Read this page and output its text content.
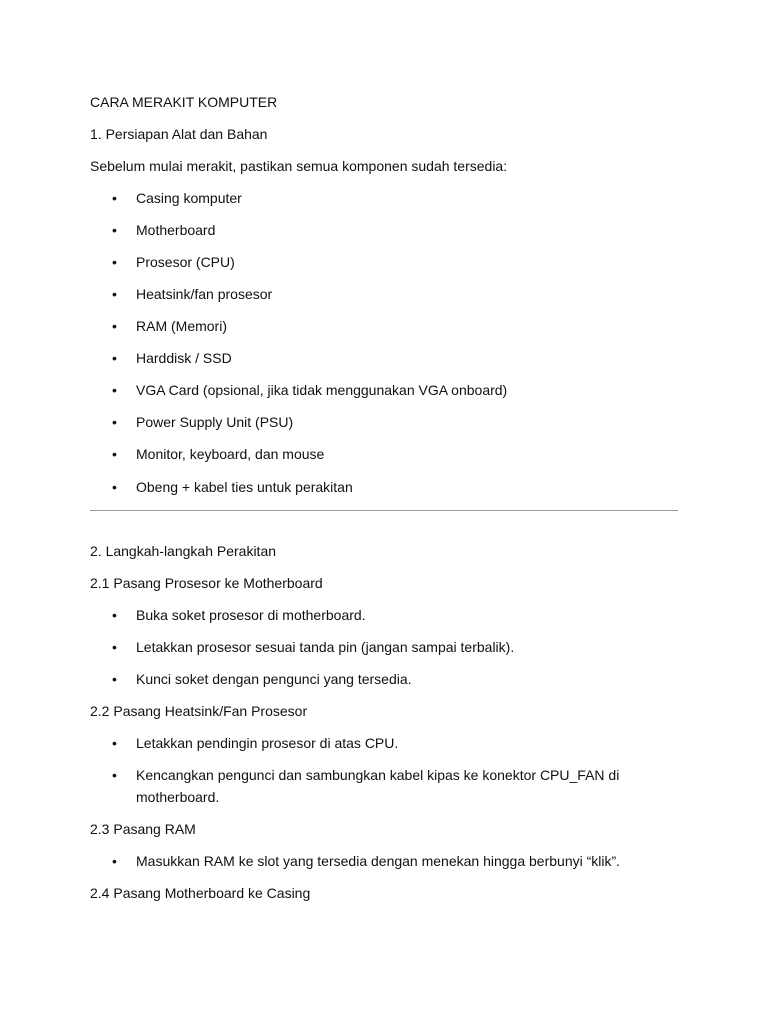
CARA MERAKIT KOMPUTER
1. Persiapan Alat dan Bahan
Sebelum mulai merakit, pastikan semua komponen sudah tersedia:
•	Casing komputer
•	Motherboard
•	Prosesor (CPU)
•	Heatsink/fan prosesor
•	RAM (Memori)
•	Harddisk / SSD
•	VGA Card (opsional, jika tidak menggunakan VGA onboard)
•	Power Supply Unit (PSU)
•	Monitor, keyboard, dan mouse
•	Obeng + kabel ties untuk perakitan
2. Langkah-langkah Perakitan
2.1 Pasang Prosesor ke Motherboard
•	Buka soket prosesor di motherboard.
•	Letakkan prosesor sesuai tanda pin (jangan sampai terbalik).
•	Kunci soket dengan pengunci yang tersedia.
2.2 Pasang Heatsink/Fan Prosesor
•	Letakkan pendingin prosesor di atas CPU.
•	Kencangkan pengunci dan sambungkan kabel kipas ke konektor CPU_FAN di motherboard.
2.3 Pasang RAM
•	Masukkan RAM ke slot yang tersedia dengan menekan hingga berbunyi “klik”.
2.4 Pasang Motherboard ke Casing
